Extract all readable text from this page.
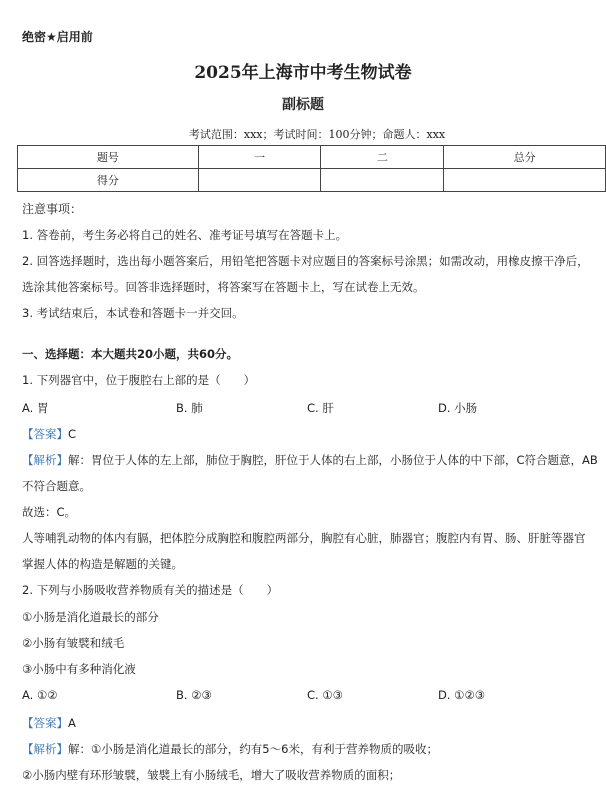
绝密★启用前
2025年上海市中考生物试卷
副标题
考试范围：xxx；考试时间：100分钟；命题人：xxx
题号	一	二	总分
得分			
注意事项：
1. 答卷前，考生务必将自己的姓名、准考证号填写在答题卡上。
2. 回答选择题时，选出每小题答案后，用铅笔把答题卡对应题目的答案标号涂黑；如需改动，用橡皮擦干净后，
选涂其他答案标号。回答非选择题时，将答案写在答题卡上，写在试卷上无效。
3. 考试结束后，本试卷和答题卡一并交回。
一、选择题：本大题共20小题，共60分。
1. 下列器官中，位于腹腔右上部的是（　　）
A. 胃	B. 肺	C. 肝	D. 小肠
【答案】C
【解析】解：胃位于人体的左上部，肺位于胸腔，肝位于人体的右上部，小肠位于人体的中下部，C符合题意，AB
不符合题意。
故选：C。
人等哺乳动物的体内有膈，把体腔分成胸腔和腹腔两部分，胸腔有心脏，肺器官；腹腔内有胃、肠、肝脏等器官
掌握人体的构造是解题的关键。
2. 下列与小肠吸收营养物质有关的描述是（　　）
①小肠是消化道最长的部分
②小肠有皱襞和绒毛
③小肠中有多种消化液
A. ①②	B. ②③	C. ①③	D. ①②③
【答案】A
【解析】解：①小肠是消化道最长的部分，约有5～6米，有利于营养物质的吸收；
②小肠内壁有环形皱襞，皱襞上有小肠绒毛，增大了吸收营养物质的面积；
